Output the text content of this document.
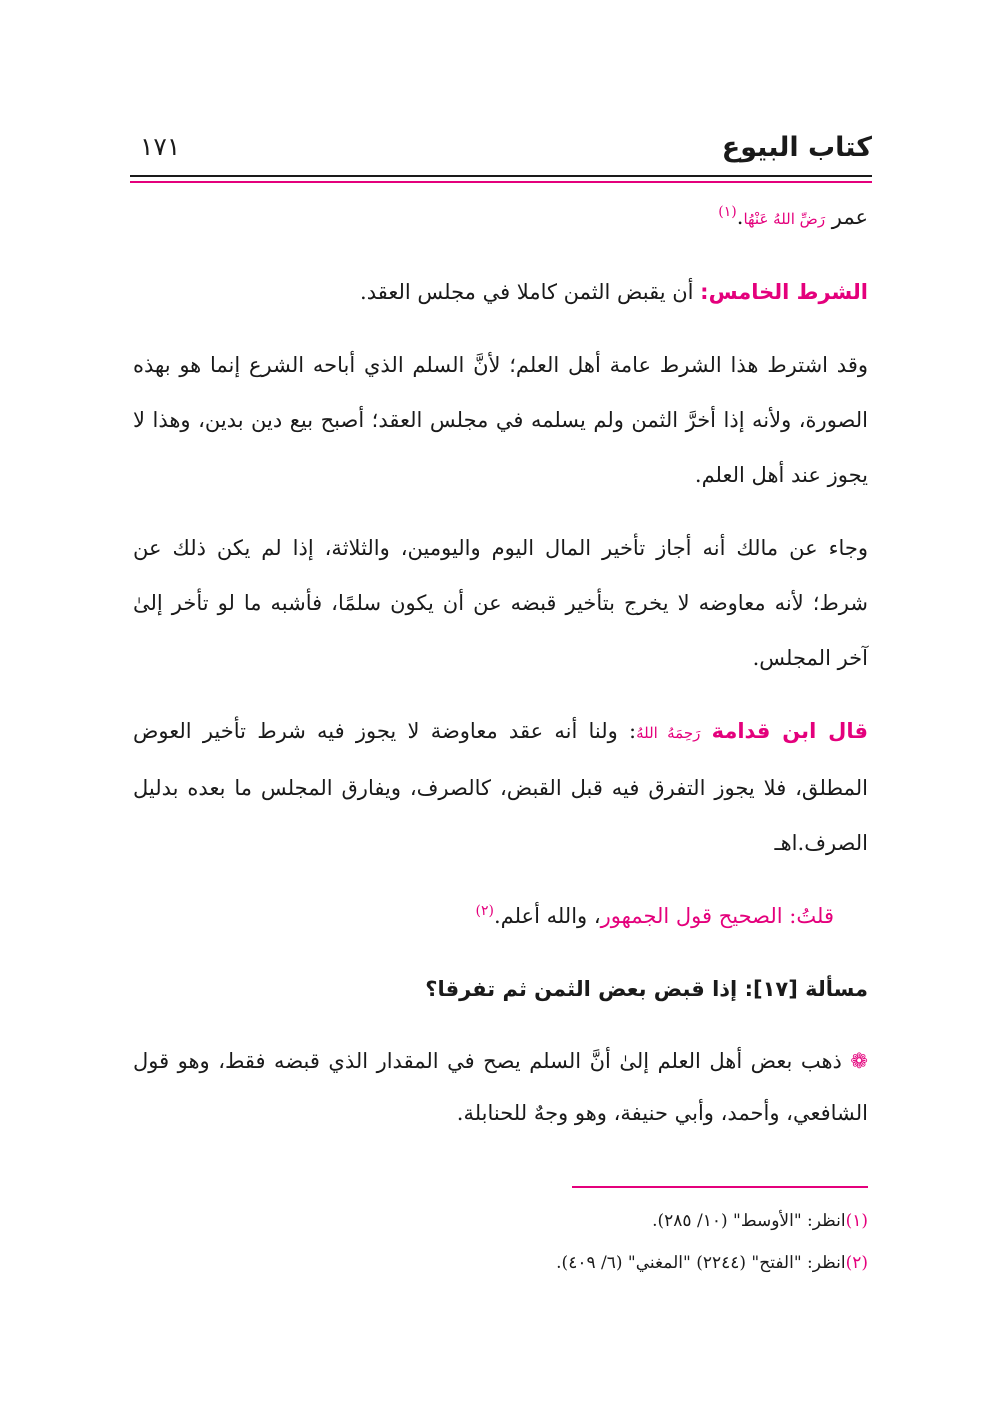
كتاب البيوع
١٧١

عمر رَضِّ اللهُ عَنْهُا.$^{(١)}$

الشرط الخامس: أن يقبض الثمن كاملا في مجلس العقد.

وقد اشترط هذا الشرط عامة أهل العلم؛ لأنَّ السلم الذي أباحه الشرع إنما هو بهذه الصورة، ولأنه إذا أخرَّ الثمن ولم يسلمه في مجلس العقد؛ أصبح بيع دين بدين، وهذا لا يجوز عند أهل العلم.

وجاء عن مالك أنه أجاز تأخير المال اليوم واليومين، والثلاثة، إذا لم يكن ذلك عن شرط؛ لأنه معاوضه لا يخرج بتأخير قبضه عن أن يكون سلمًا، فأشبه ما لو تأخر إلىٰ آخر المجلس.

قال ابن قدامة رَحِمَهُ اللهُ: ولنا أنه عقد معاوضة لا يجوز فيه شرط تأخير العوض المطلق، فلا يجوز التفرق فيه قبل القبض، كالصرف، ويفارق المجلس ما بعده بدليل الصرف.اهـ

قلتُ: الصحيح قول الجمهور، والله أعلم.$^{(٢)}$

مسألة [١٧]: إذا قبض بعض الثمن ثم تفرقا؟

❁ ذهب بعض أهل العلم إلىٰ أنَّ السلم يصح في المقدار الذي قبضه فقط، وهو قول الشافعي، وأحمد، وأبي حنيفة، وهو وجهٌ للحنابلة.

(١)انظر: "الأوسط" (١٠/ ٢٨٥).

(٢)انظر: "الفتح" (٢٢٤٤) "المغني" (٦/ ٤٠٩).
